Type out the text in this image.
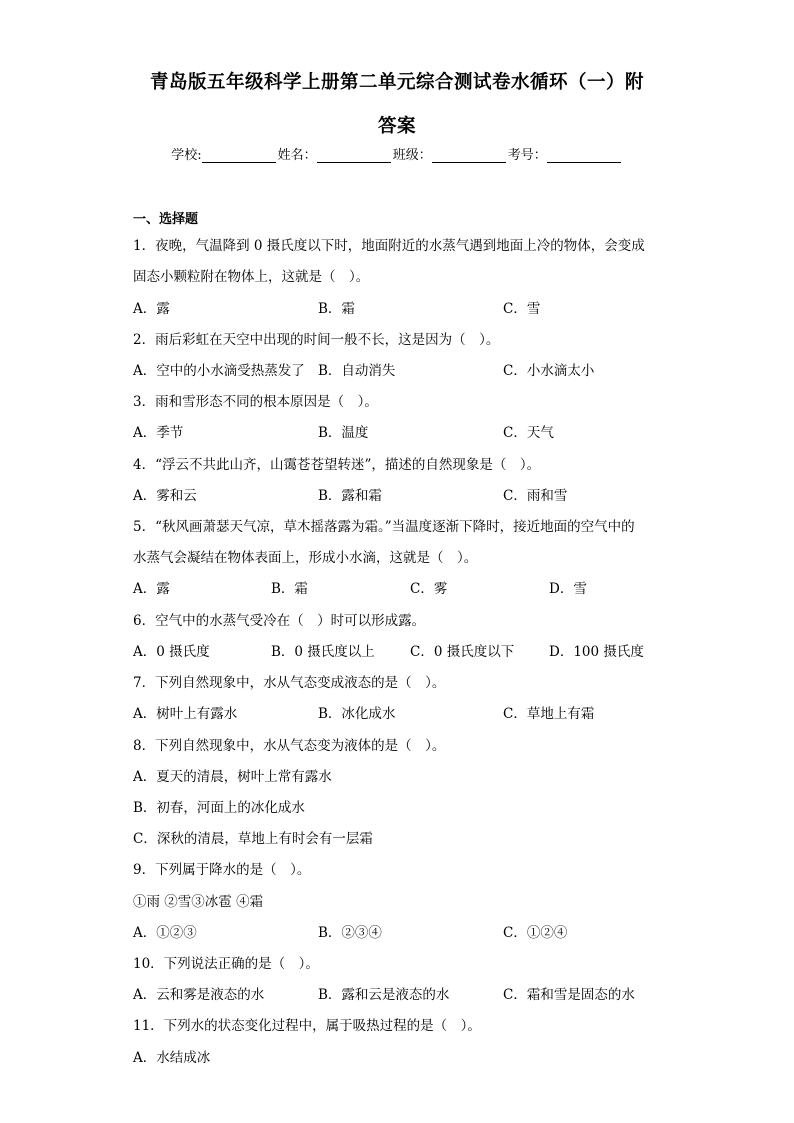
青岛版五年级科学上册第二单元综合测试卷水循环（一）附
答案
学校:	姓名：	班级：	考号：
一、选择题
1．夜晚，气温降到 0 摄氏度以下时，地面附近的水蒸气遇到地面上冷的物体，会变成
固态小颗粒附在物体上，这就是（　）。
A．露	B．霜	C．雪
2．雨后彩虹在天空中出现的时间一般不长，这是因为（　）。
A．空中的小水滴受热蒸发了 B．自动消失	C．小水滴太小
3．雨和雪形态不同的根本原因是（　）。
A．季节	B．温度	C．天气
4．“浮云不共此山齐，山霭苍苍望转迷”，描述的自然现象是（　）。
A．雾和云	B．露和霜	C．雨和雪
5．“秋风画萧瑟天气凉，草木摇落露为霜。”当温度逐渐下降时，接近地面的空气中的
水蒸气会凝结在物体表面上，形成小水滴，这就是（　）。
A．露	B．霜	C．雾	D．雪
6．空气中的水蒸气受冷在（　）时可以形成露。
A．0 摄氏度	B．0 摄氏度以上	C．0 摄氏度以下	D．100 摄氏度
7．下列自然现象中，水从气态变成液态的是（　）。
A．树叶上有露水	B．冰化成水	C．草地上有霜
8．下列自然现象中，水从气态变为液体的是（　）。
A．夏天的清晨，树叶上常有露水
B．初春，河面上的冰化成水
C．深秋的清晨，草地上有时会有一层霜
9．下列属于降水的是（　）。
①雨 ②雪③冰雹 ④霜
A．①②③	B．②③④	C．①②④
10．下列说法正确的是（　）。
A．云和雾是液态的水	B．露和云是液态的水	C．霜和雪是固态的水
11．下列水的状态变化过程中，属于吸热过程的是（　）。
A．水结成冰
